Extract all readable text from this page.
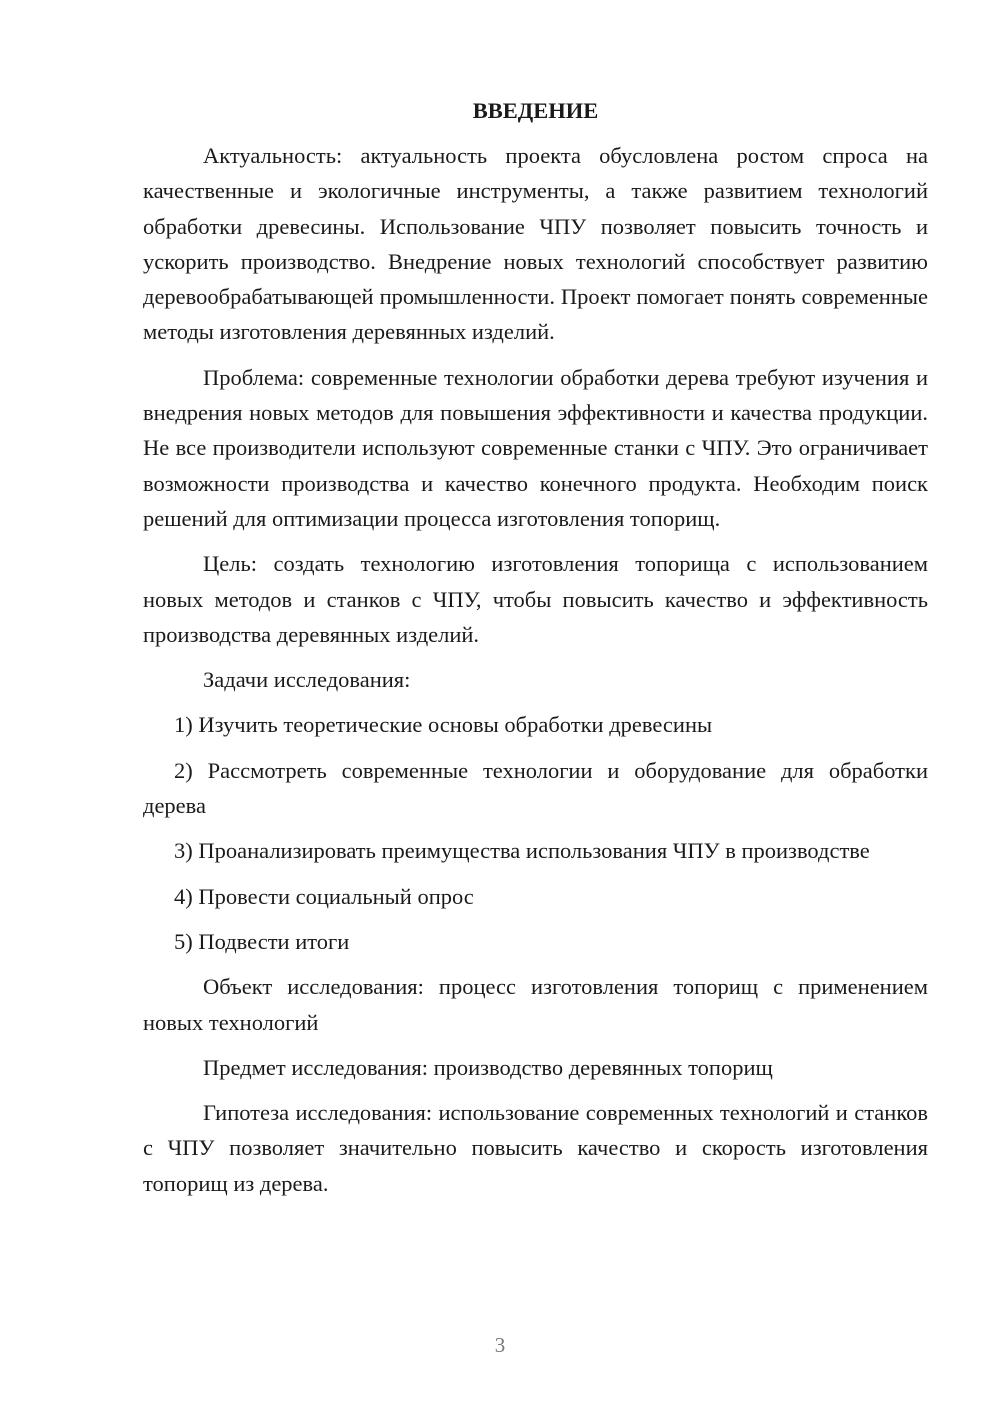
ВВЕДЕНИЕ

Актуальность: актуальность проекта обусловлена ростом спроса на качественные и экологичные инструменты, а также развитием технологий обработки древесины. Использование ЧПУ позволяет повысить точность и ускорить производство. Внедрение новых технологий способствует развитию деревообрабатывающей промышленности. Проект помогает понять современные методы изготовления деревянных изделий.

Проблема: современные технологии обработки дерева требуют изучения и внедрения новых методов для повышения эффективности и качества продукции. Не все производители используют современные станки с ЧПУ. Это ограничивает возможности производства и качество конечного продукта. Необходим поиск решений для оптимизации процесса изготовления топорищ.

Цель: создать технологию изготовления топорища с использованием новых методов и станков с ЧПУ, чтобы повысить качество и эффективность производства деревянных изделий.

Задачи исследования:

1) Изучить теоретические основы обработки древесины

2) Рассмотреть современные технологии и оборудование для обработки дерева

3) Проанализировать преимущества использования ЧПУ в производстве

4) Провести социальный опрос

5) Подвести итоги

Объект исследования: процесс изготовления топорищ с применением новых технологий

Предмет исследования: производство деревянных топорищ

Гипотеза исследования: использование современных технологий и станков с ЧПУ позволяет значительно повысить качество и скорость изготовления топорищ из дерева.

3
